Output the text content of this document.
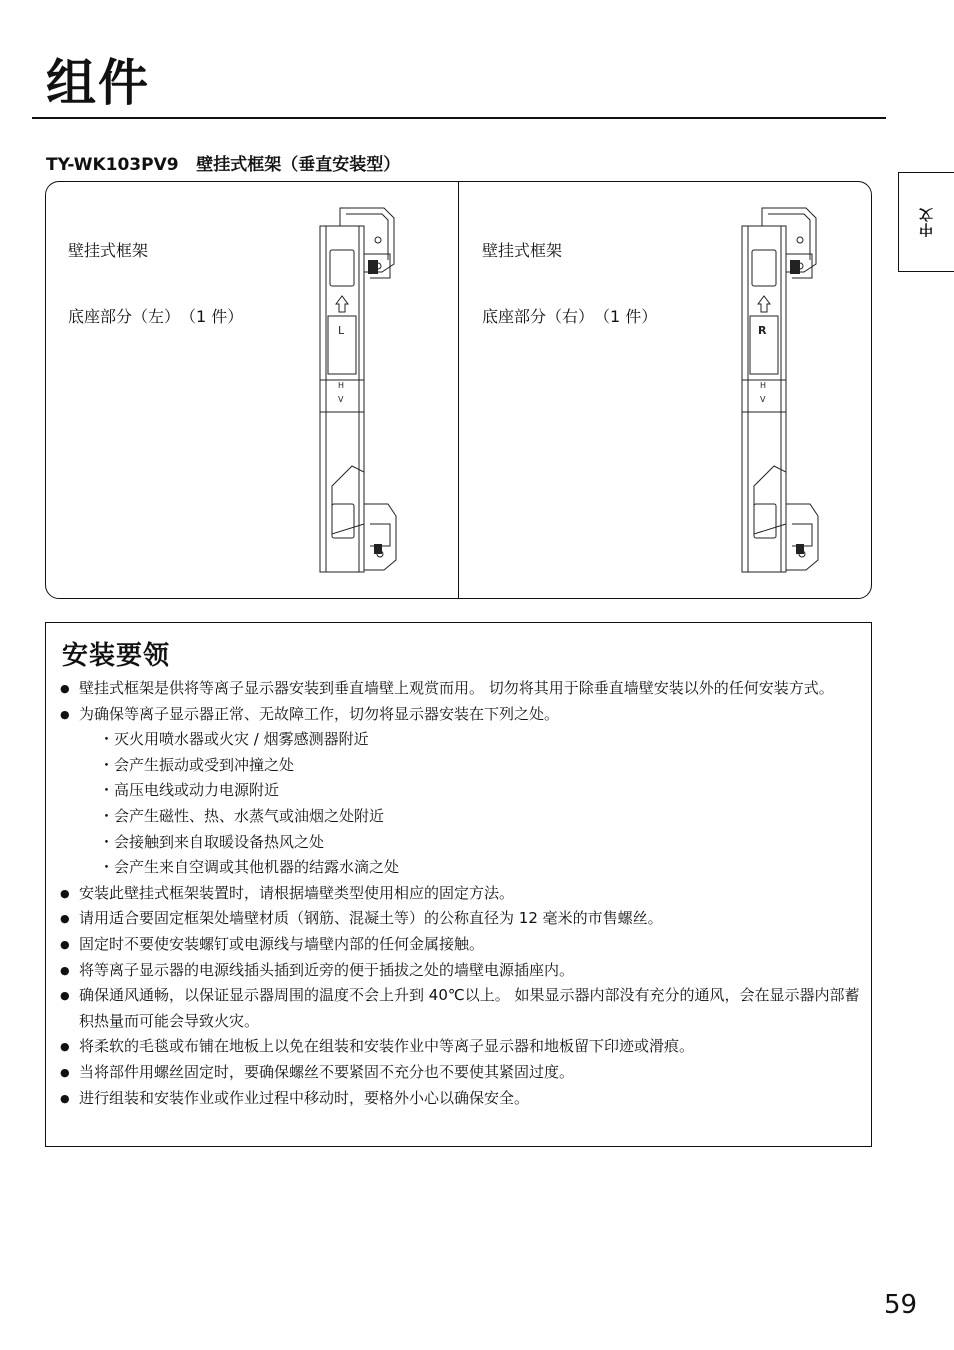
组件
中文
TY-WK103PV9   壁挂式框架（垂直安装型）

壁挂式框架

底座部分（左）　（1 件）

壁挂式框架

底座部分（右）　（1 件）

L
H
V
R
H
V
安装要领
● 壁挂式框架是供将等离子显示器安装到垂直墙壁上观赏而用。 切勿将其用于除垂直墙壁安装以外的任何安装方式。
● 为确保等离子显示器正常、无故障工作，切勿将显示器安装在下列之处。
・灭火用喷水器或火灾 / 烟雾感测器附近
・会产生振动或受到冲撞之处
・高压电线或动力电源附近
・会产生磁性、热、水蒸气或油烟之处附近
・会接触到来自取暖设备热风之处
・会产生来自空调或其他机器的结露水滴之处
● 安装此壁挂式框架装置时，请根据墙壁类型使用相应的固定方法。
● 请用适合要固定框架处墙壁材质（钢筋、混凝土等）的公称直径为 12 毫米的市售螺丝。
● 固定时不要使安装螺钉或电源线与墙壁内部的任何金属接触。
● 将等离子显示器的电源线插头插到近旁的便于插拔之处的墙壁电源插座内。
● 确保通风通畅，以保证显示器周围的温度不会上升到 40℃以上。 如果显示器内部没有充分的通风，会在显示器内部蓄积热量而可能会导致火灾。
● 将柔软的毛毯或布铺在地板上以免在组装和安装作业中等离子显示器和地板留下印迹或滑痕。
● 当将部件用螺丝固定时，要确保螺丝不要紧固不充分也不要使其紧固过度。
● 进行组装和安装作业或作业过程中移动时，要格外小心以确保安全。
59
